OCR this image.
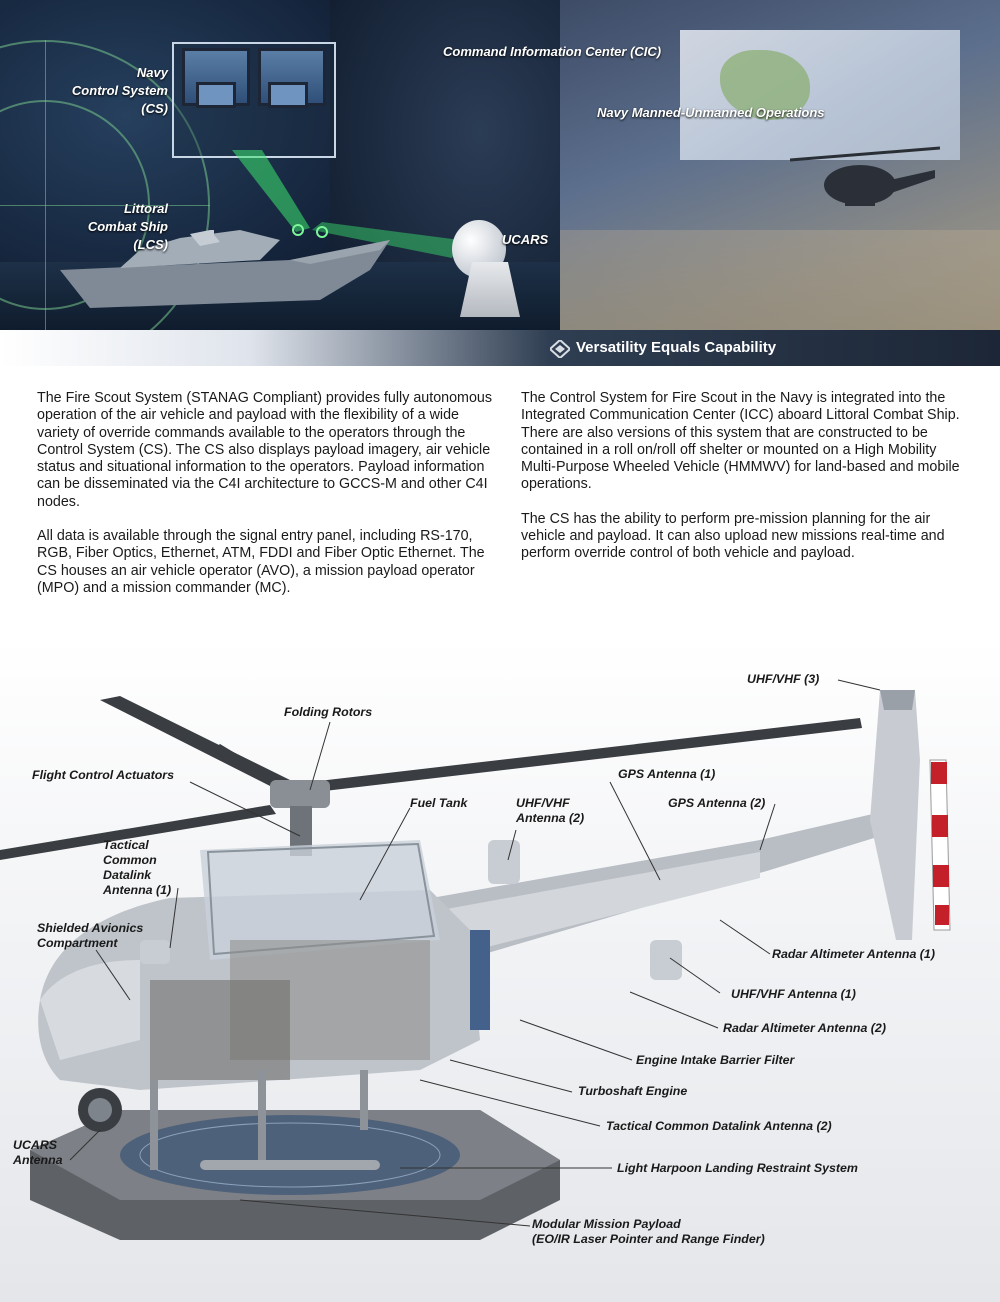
Navy
Control System
(CS)
Command Information Center (CIC)
Navy Manned-Unmanned Operations
Littoral
Combat Ship
(LCS)	UCARS
Versatility Equals Capability

The Fire Scout System (STANAG Compliant) provides fully autonomous operation of the air vehicle and payload with the flexibility of a wide variety of override commands available to the operators through the Control System (CS). The CS also displays payload imagery, air vehicle status and situational information to the operators. Payload information can be disseminated via the C4I architecture to GCCS-M and other C4I nodes.

All data is available through the signal entry panel, including RS-170, RGB, Fiber Optics, Ethernet, ATM, FDDI and Fiber Optic Ethernet. The CS houses an air vehicle operator (AVO), a mission payload operator (MPO) and a mission commander (MC).

The Control System for Fire Scout in the Navy is integrated into the Integrated Communication Center (ICC) aboard Littoral Combat Ship. There are also versions of this system that are constructed to be contained in a roll on/roll off shelter or mounted on a High Mobility Multi-Purpose Wheeled Vehicle (HMMWV) for land-based and mobile operations.

The CS has the ability to perform pre-mission planning for the air vehicle and payload. It can also upload new missions real-time and perform override control of both vehicle and payload.

Folding Rotors
Flight Control Actuators
Fuel Tank	UHF/VHF
Antenna (2)
GPS Antenna (1)
GPS Antenna (2)
UHF/VHF (3)
Tactical
Common
Datalink
Antenna (1)
Shielded Avionics
Compartment
Radar Altimeter Antenna (1)
UHF/VHF Antenna (1)
Radar Altimeter Antenna (2)
Engine Intake Barrier Filter
Turboshaft Engine
Tactical Common Datalink Antenna (2)
UCARS
Antenna
Light Harpoon Landing Restraint System
Modular Mission Payload
(EO/IR Laser Pointer and Range Finder)
